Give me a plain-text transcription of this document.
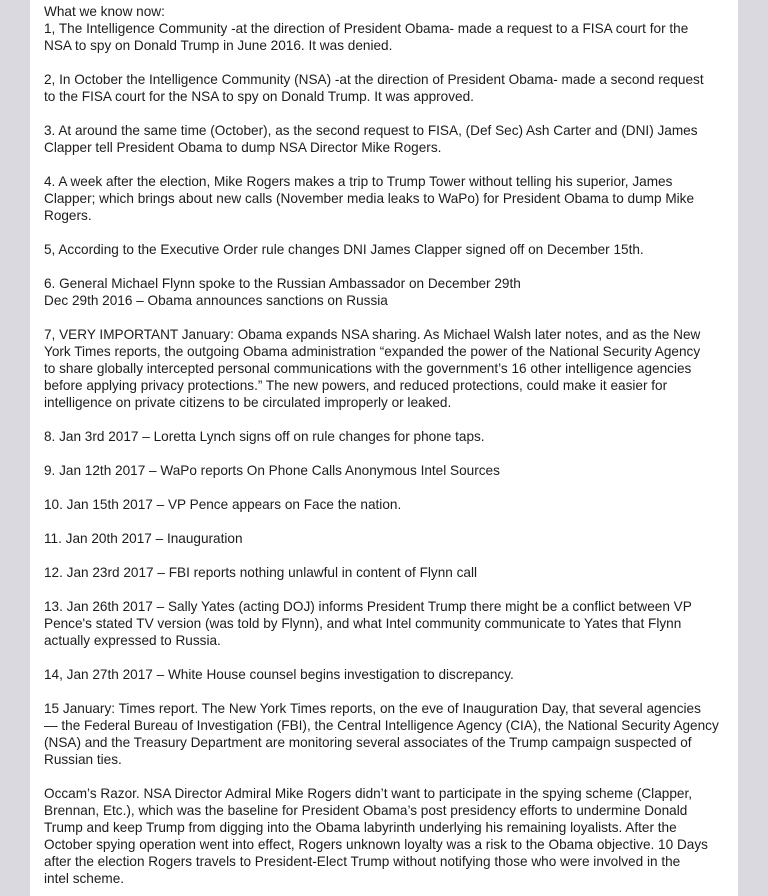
What we know now:
1, The Intelligence Community -at the direction of President Obama- made a request to a FISA court for the
NSA to spy on Donald Trump in June 2016. It was denied.
2, In October the Intelligence Community (NSA) -at the direction of President Obama- made a second request
to the FISA court for the NSA to spy on Donald Trump. It was approved.
3. At around the same time (October), as the second request to FISA, (Def Sec) Ash Carter and (DNI) James
Clapper tell President Obama to dump NSA Director Mike Rogers.
4. A week after the election, Mike Rogers makes a trip to Trump Tower without telling his superior, James
Clapper; which brings about new calls (November media leaks to WaPo) for President Obama to dump Mike
Rogers.
5, According to the Executive Order rule changes DNI James Clapper signed off on December 15th.
6. General Michael Flynn spoke to the Russian Ambassador on December 29th
Dec 29th 2016 – Obama announces sanctions on Russia
7, VERY IMPORTANT January: Obama expands NSA sharing. As Michael Walsh later notes, and as the New
York Times reports, the outgoing Obama administration “expanded the power of the National Security Agency
to share globally intercepted personal communications with the government’s 16 other intelligence agencies
before applying privacy protections.” The new powers, and reduced protections, could make it easier for
intelligence on private citizens to be circulated improperly or leaked.
8. Jan 3rd 2017 – Loretta Lynch signs off on rule changes for phone taps.
9. Jan 12th 2017 – WaPo reports On Phone Calls Anonymous Intel Sources
10. Jan 15th 2017 – VP Pence appears on Face the nation.
11. Jan 20th 2017 – Inauguration
12. Jan 23rd 2017 – FBI reports nothing unlawful in content of Flynn call
13. Jan 26th 2017 – Sally Yates (acting DOJ) informs President Trump there might be a conflict between VP
Pence's stated TV version (was told by Flynn), and what Intel community communicate to Yates that Flynn
actually expressed to Russia.
14, Jan 27th 2017 – White House counsel begins investigation to discrepancy.
15 January: Times report. The New York Times reports, on the eve of Inauguration Day, that several agencies
— the Federal Bureau of Investigation (FBI), the Central Intelligence Agency (CIA), the National Security Agency
(NSA) and the Treasury Department are monitoring several associates of the Trump campaign suspected of
Russian ties.
Occam’s Razor. NSA Director Admiral Mike Rogers didn’t want to participate in the spying scheme (Clapper,
Brennan, Etc.), which was the baseline for President Obama’s post presidency efforts to undermine Donald
Trump and keep Trump from digging into the Obama labyrinth underlying his remaining loyalists. After the
October spying operation went into effect, Rogers unknown loyalty was a risk to the Obama objective. 10 Days
after the election Rogers travels to President-Elect Trump without notifying those who were involved in the
intel scheme.
